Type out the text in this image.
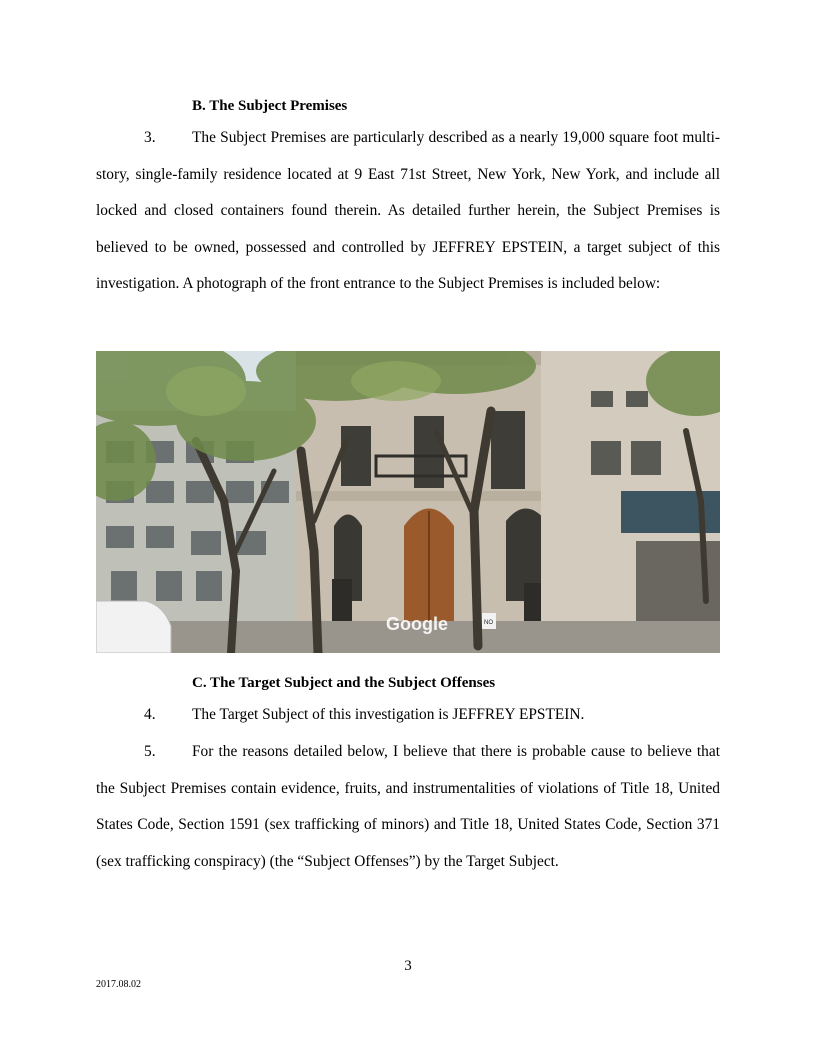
B. The Subject Premises
3. The Subject Premises are particularly described as a nearly 19,000 square foot multi-story, single-family residence located at 9 East 71st Street, New York, New York, and include all locked and closed containers found therein. As detailed further herein, the Subject Premises is believed to be owned, possessed and controlled by JEFFREY EPSTEIN, a target subject of this investigation. A photograph of the front entrance to the Subject Premises is included below:
NO
Google
C. The Target Subject and the Subject Offenses
4. The Target Subject of this investigation is JEFFREY EPSTEIN.
5. For the reasons detailed below, I believe that there is probable cause to believe that the Subject Premises contain evidence, fruits, and instrumentalities of violations of Title 18, United States Code, Section 1591 (sex trafficking of minors) and Title 18, United States Code, Section 371 (sex trafficking conspiracy) (the “Subject Offenses”) by the Target Subject.
3
2017.08.02
